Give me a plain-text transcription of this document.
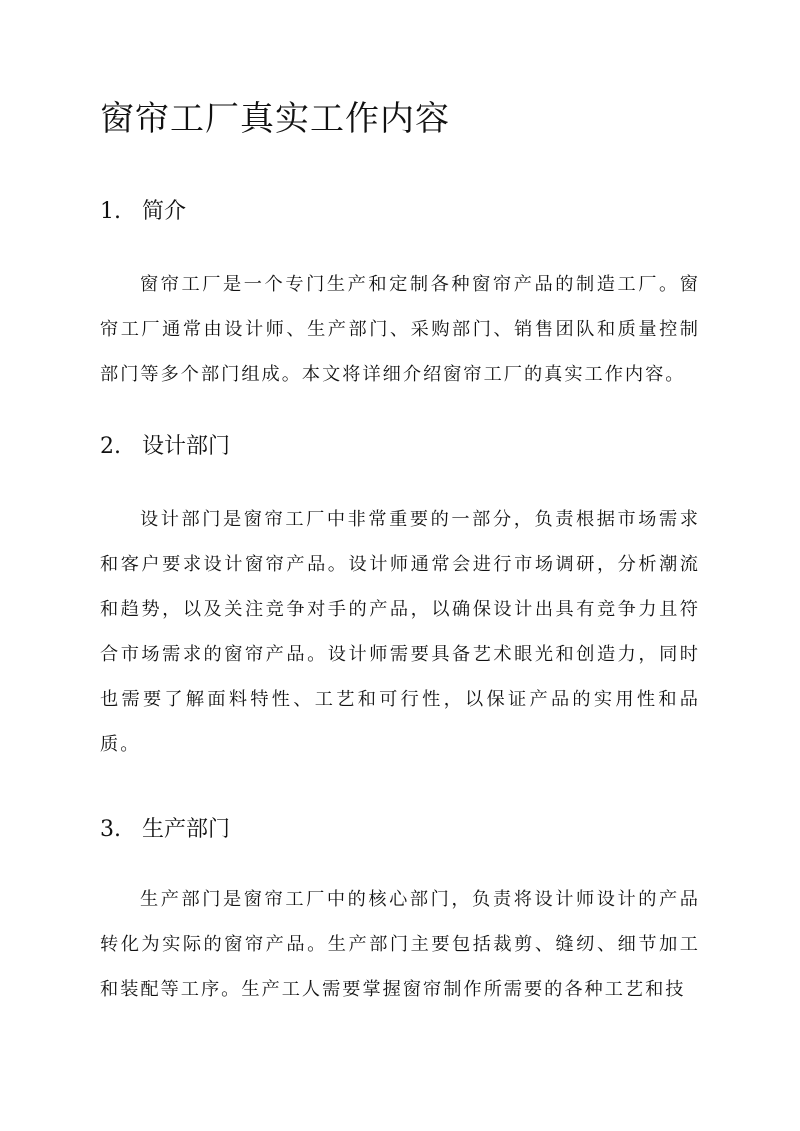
窗帘工厂真实工作内容
1. 简介

窗帘工厂是一个专门生产和定制各种窗帘产品的制造工厂。窗帘工厂通常由设计师、生产部门、采购部门、销售团队和质量控制部门等多个部门组成。本文将详细介绍窗帘工厂的真实工作内容。

2. 设计部门

设计部门是窗帘工厂中非常重要的一部分，负责根据市场需求和客户要求设计窗帘产品。设计师通常会进行市场调研，分析潮流和趋势，以及关注竞争对手的产品，以确保设计出具有竞争力且符合市场需求的窗帘产品。设计师需要具备艺术眼光和创造力，同时也需要了解面料特性、工艺和可行性，以保证产品的实用性和品质。

3. 生产部门

生产部门是窗帘工厂中的核心部门，负责将设计师设计的产品转化为实际的窗帘产品。生产部门主要包括裁剪、缝纫、细节加工和装配等工序。生产工人需要掌握窗帘制作所需要的各种工艺和技
